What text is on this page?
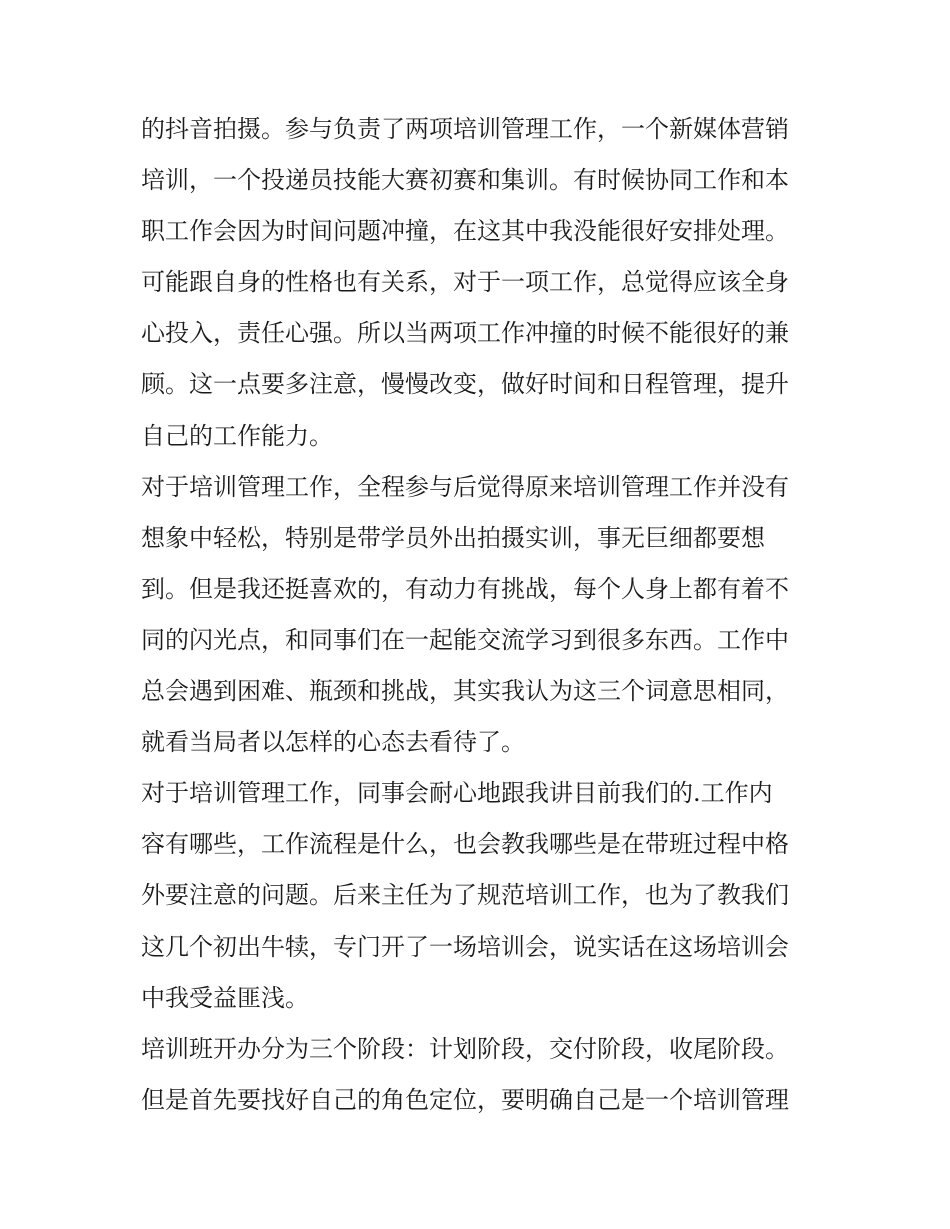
的抖音拍摄。参与负责了两项培训管理工作，一个新媒体营销
培训，一个投递员技能大赛初赛和集训。有时候协同工作和本
职工作会因为时间问题冲撞，在这其中我没能很好安排处理。
可能跟自身的性格也有关系，对于一项工作，总觉得应该全身
心投入，责任心强。所以当两项工作冲撞的时候不能很好的兼
顾。这一点要多注意，慢慢改变，做好时间和日程管理，提升
自己的工作能力。
对于培训管理工作，全程参与后觉得原来培训管理工作并没有
想象中轻松，特别是带学员外出拍摄实训，事无巨细都要想
到。但是我还挺喜欢的，有动力有挑战，每个人身上都有着不
同的闪光点，和同事们在一起能交流学习到很多东西。工作中
总会遇到困难、瓶颈和挑战，其实我认为这三个词意思相同，
就看当局者以怎样的心态去看待了。
对于培训管理工作，同事会耐心地跟我讲目前我们的.工作内
容有哪些，工作流程是什么，也会教我哪些是在带班过程中格
外要注意的问题。后来主任为了规范培训工作，也为了教我们
这几个初出牛犊，专门开了一场培训会，说实话在这场培训会
中我受益匪浅。
培训班开办分为三个阶段：计划阶段，交付阶段，收尾阶段。
但是首先要找好自己的角色定位，要明确自己是一个培训管理
